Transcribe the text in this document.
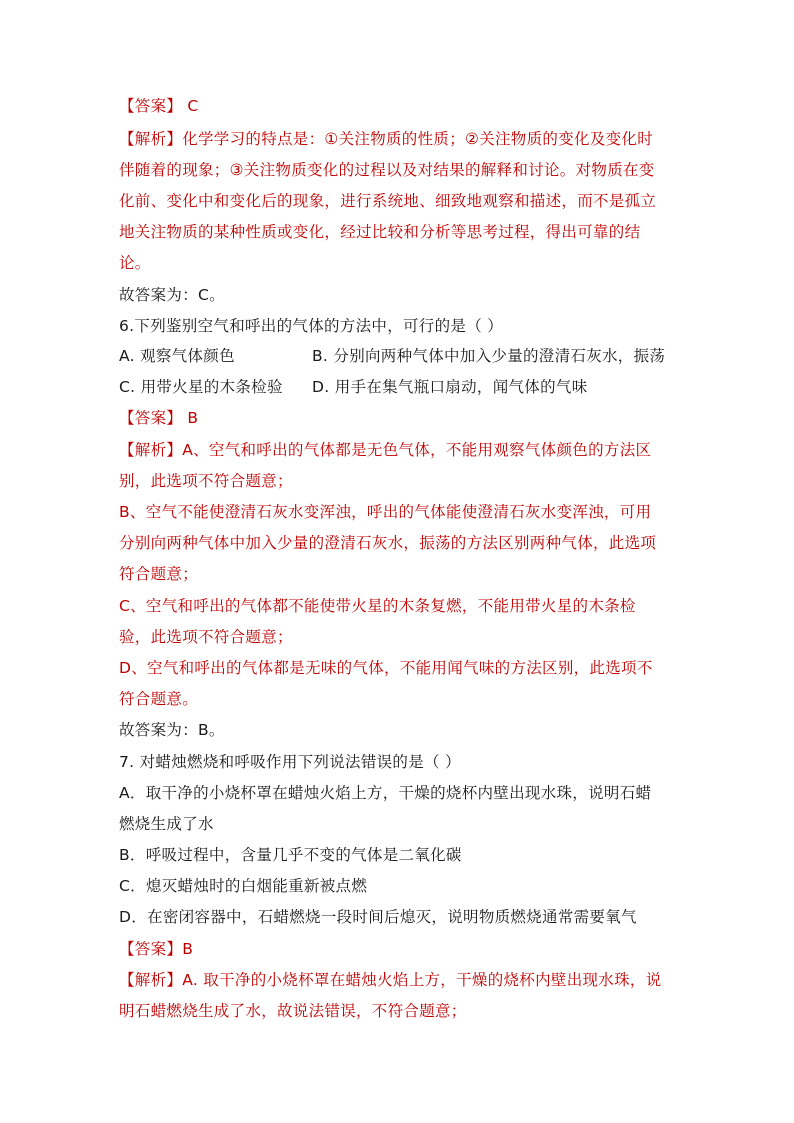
【答案】 C
【解析】化学学习的特点是：①关注物质的性质；②关注物质的变化及变化时
伴随着的现象；③关注物质变化的过程以及对结果的解释和讨论。对物质在变
化前、变化中和变化后的现象，进行系统地、细致地观察和描述，而不是孤立
地关注物质的某种性质或变化，经过比较和分析等思考过程，得出可靠的结
论。
故答案为：C。
6.下列鉴别空气和呼出的气体的方法中，可行的是（ ）
A. 观察气体颜色	B. 分别向两种气体中加入少量的澄清石灰水，振荡
C. 用带火星的木条检验 D. 用手在集气瓶口扇动，闻气体的气味
【答案】 B
【解析】A、空气和呼出的气体都是无色气体，不能用观察气体颜色的方法区
别，此选项不符合题意；
B、空气不能使澄清石灰水变浑浊，呼出的气体能使澄清石灰水变浑浊，可用
分别向两种气体中加入少量的澄清石灰水，振荡的方法区别两种气体，此选项
符合题意；
C、空气和呼出的气体都不能使带火星的木条复燃，不能用带火星的木条检
验，此选项不符合题意；
D、空气和呼出的气体都是无味的气体，不能用闻气味的方法区别，此选项不
符合题意。
故答案为：B。
7. 对蜡烛燃烧和呼吸作用下列说法错误的是（ ）
A．取干净的小烧杯罩在蜡烛火焰上方，干燥的烧杯内壁出现水珠，说明石蜡
燃烧生成了水
B．呼吸过程中，含量几乎不变的气体是二氧化碳
C．熄灭蜡烛时的白烟能重新被点燃
D．在密闭容器中，石蜡燃烧一段时间后熄灭，说明物质燃烧通常需要氧气
【答案】B
【解析】A. 取干净的小烧杯罩在蜡烛火焰上方，干燥的烧杯内壁出现水珠，说
明石蜡燃烧生成了水，故说法错误，不符合题意；
